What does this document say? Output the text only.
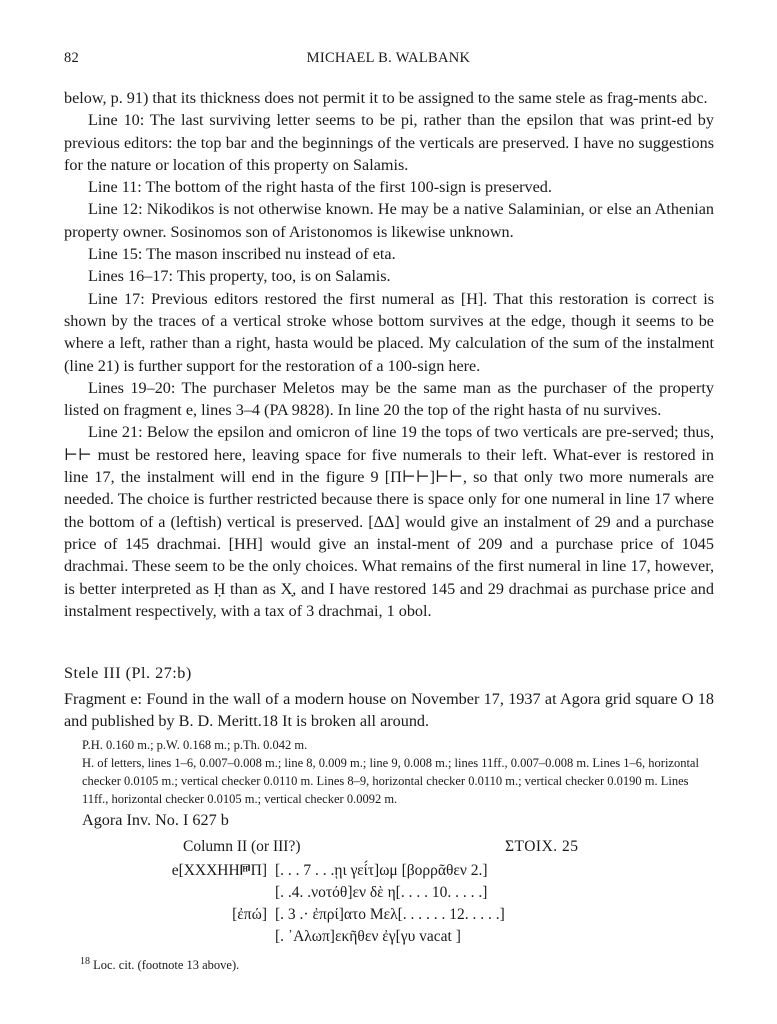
82	MICHAEL B. WALBANK

below, p. 91) that its thickness does not permit it to be assigned to the same stele as frag-ments abc.

Line 10: The last surviving letter seems to be pi, rather than the epsilon that was print-ed by previous editors: the top bar and the beginnings of the verticals are preserved. I have no suggestions for the nature or location of this property on Salamis.

Line 11: The bottom of the right hasta of the first 100-sign is preserved.

Line 12: Nikodikos is not otherwise known. He may be a native Salaminian, or else an Athenian property owner. Sosinomos son of Aristonomos is likewise unknown.

Line 15: The mason inscribed nu instead of eta.

Lines 16–17: This property, too, is on Salamis.

Line 17: Previous editors restored the first numeral as [H]. That this restoration is correct is shown by the traces of a vertical stroke whose bottom survives at the edge, though it seems to be where a left, rather than a right, hasta would be placed. My calculation of the sum of the instalment (line 21) is further support for the restoration of a 100-sign here.

Lines 19–20: The purchaser Meletos may be the same man as the purchaser of the property listed on fragment e, lines 3–4 (PA 9828). In line 20 the top of the right hasta of nu survives.

Line 21: Below the epsilon and omicron of line 19 the tops of two verticals are pre-served; thus, ⊢⊢ must be restored here, leaving space for five numerals to their left. What-ever is restored in line 17, the instalment will end in the figure 9 [Π⊢⊢]⊢⊢, so that only two more numerals are needed. The choice is further restricted because there is space only for one numeral in line 17 where the bottom of a (leftish) vertical is preserved. [ΔΔ] would give an instalment of 29 and a purchase price of 145 drachmai. [HH] would give an instal-ment of 209 and a purchase price of 1045 drachmai. These seem to be the only choices. What remains of the first numeral in line 17, however, is better interpreted as Ḥ than as Χ̣, and I have restored 145 and 29 drachmai as purchase price and instalment respectively, with a tax of 3 drachmai, 1 obol.

Stele III (Pl. 27:b)

Fragment e: Found in the wall of a modern house on November 17, 1937 at Agora grid square O 18 and published by B. D. Meritt.18 It is broken all around.

P.H. 0.160 m.; p.W. 0.168 m.; p.Th. 0.042 m.

H. of letters, lines 1–6, 0.007–0.008 m.; line 8, 0.009 m.; line 9, 0.008 m.; lines 11ff., 0.007–0.008 m. Lines 1–6, horizontal checker 0.0105 m.; vertical checker 0.0110 m. Lines 8–9, horizontal checker 0.0110 m.; vertical checker 0.0190 m. Lines 11ff., horizontal checker 0.0105 m.; vertical checker 0.0092 m.

Agora Inv. No. I 627 b
Column II (or III?)	ΣΤΟΙΧ. 25
e[ΧΧΧΗΗ𐅅Π] [. . . 7 . . .ῃι γεί́τ]ωμ [βορρᾶθεν 2.]
[. .4. .νοτόθ]εν δὲ η[. . . . 10. . . . .]
[ἐπώ] [. 3 .· ἐπρί]ατο Μελ[. . . . . . 12. . . . .]
[. ᾿Αλωπ]εκῆθεν ἐγ[γυ vacat ]
$^{18}$ Loc. cit. (footnote 13 above).
